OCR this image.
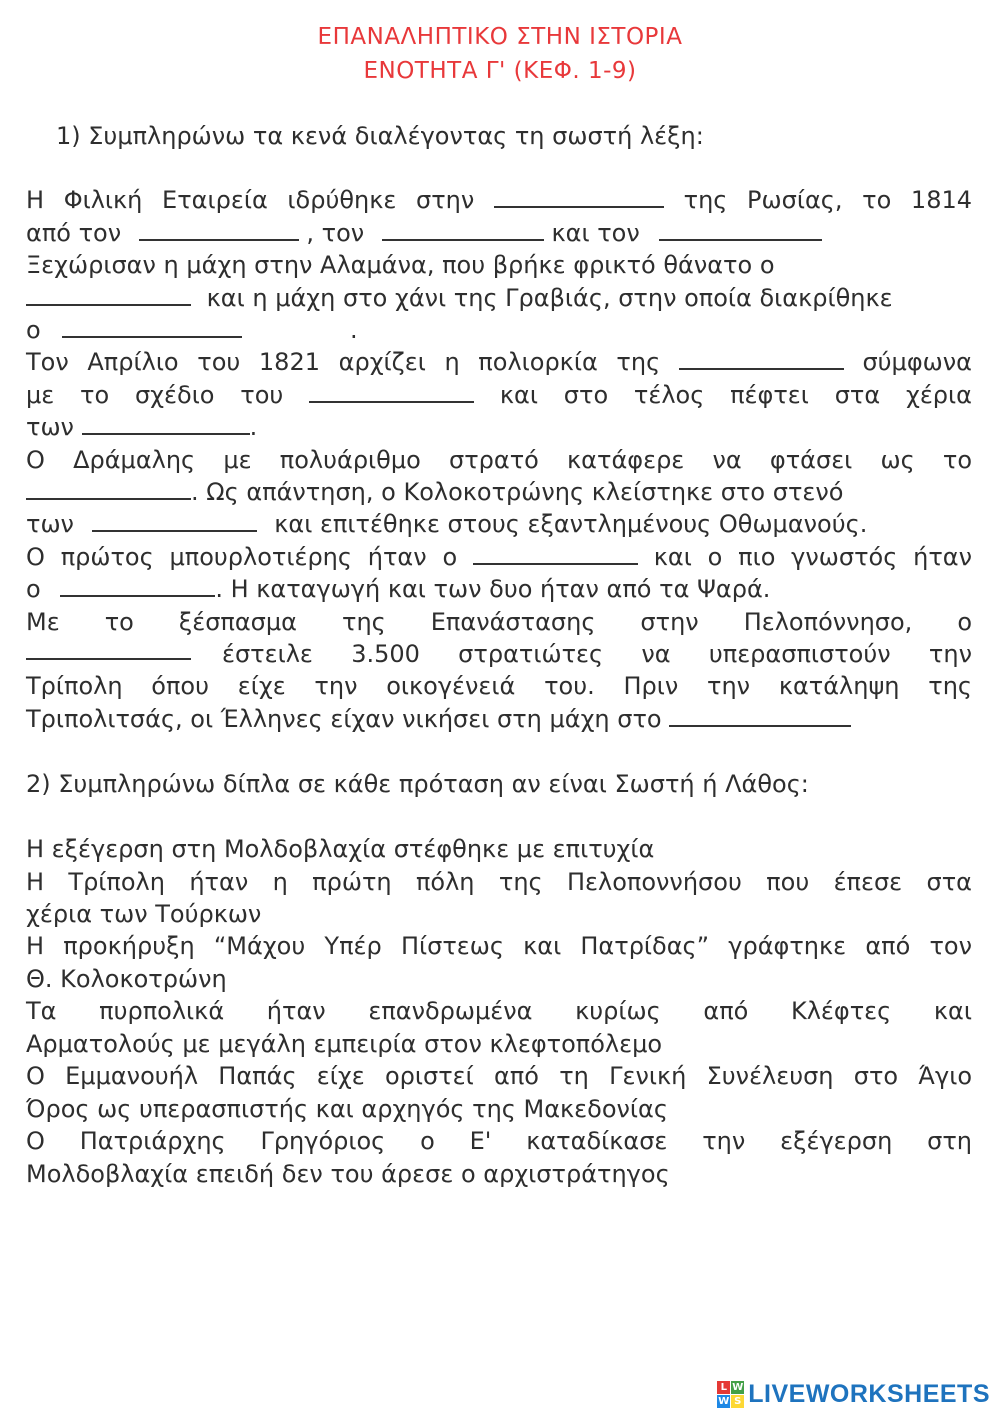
ΕΠΑΝΑΛΗΠΤΙΚΟ ΣΤΗΝ ΙΣΤΟΡΙΑ
ΕΝΟΤΗΤΑ Γ' (ΚΕΦ. 1-9)
1) Συμπληρώνω τα κενά διαλέγοντας τη σωστή λέξη:
Η Φιλική Εταιρεία ιδρύθηκε στην	της Ρωσίας, το 1814
από τον	, τον	και τον
Ξεχώρισαν η μάχη στην Αλαμάνα, που βρήκε φρικτό θάνατο ο
και η μάχη στο χάνι της Γραβιάς, στην οποία διακρίθηκε
ο	.
Τον Απρίλιο του 1821 αρχίζει η πολιορκία της	σύμφωνα
με το σχέδιο του	και στο τέλος πέφτει στα χέρια
των	.
Ο Δράμαλης με πολυάριθμο στρατό κατάφερε να φτάσει ως το
. Ως απάντηση, ο Κολοκοτρώνης κλείστηκε στο στενό
των	και επιτέθηκε στους εξαντλημένους Οθωμανούς.
Ο πρώτος μπουρλοτιέρης ήταν ο	και ο πιο γνωστός ήταν
ο	. Η καταγωγή και των δυο ήταν από τα Ψαρά.
Με το ξέσπασμα της Επανάστασης στην Πελοπόννησο, ο
έστειλε 3.500 στρατιώτες να υπερασπιστούν την
Τρίπολη όπου είχε την οικογένειά του. Πριν την κατάληψη της
Τριπολιτσάς, οι Έλληνες είχαν νικήσει στη μάχη στο
2) Συμπληρώνω δίπλα σε κάθε πρόταση αν είναι Σωστή ή Λάθος:
Η εξέγερση στη Μολδοβλαχία στέφθηκε με επιτυχία
Η Τρίπολη ήταν η πρώτη πόλη της Πελοποννήσου που έπεσε στα
χέρια των Τούρκων
Η προκήρυξη “Μάχου Υπέρ Πίστεως και Πατρίδας” γράφτηκε από τον
Θ. Κολοκοτρώνη
Τα πυρπολικά ήταν επανδρωμένα κυρίως από Κλέφτες και
Αρματολούς με μεγάλη εμπειρία στον κλεφτοπόλεμο
Ο Εμμανουήλ Παπάς είχε οριστεί από τη Γενική Συνέλευση στο Άγιο
Όρος ως υπερασπιστής και αρχηγός της Μακεδονίας
Ο Πατριάρχης Γρηγόριος ο Ε' καταδίκασε την εξέγερση στη
Μολδοβλαχία επειδή δεν του άρεσε ο αρχιστράτηγος
L W
W S LIVEWORKSHEETS
